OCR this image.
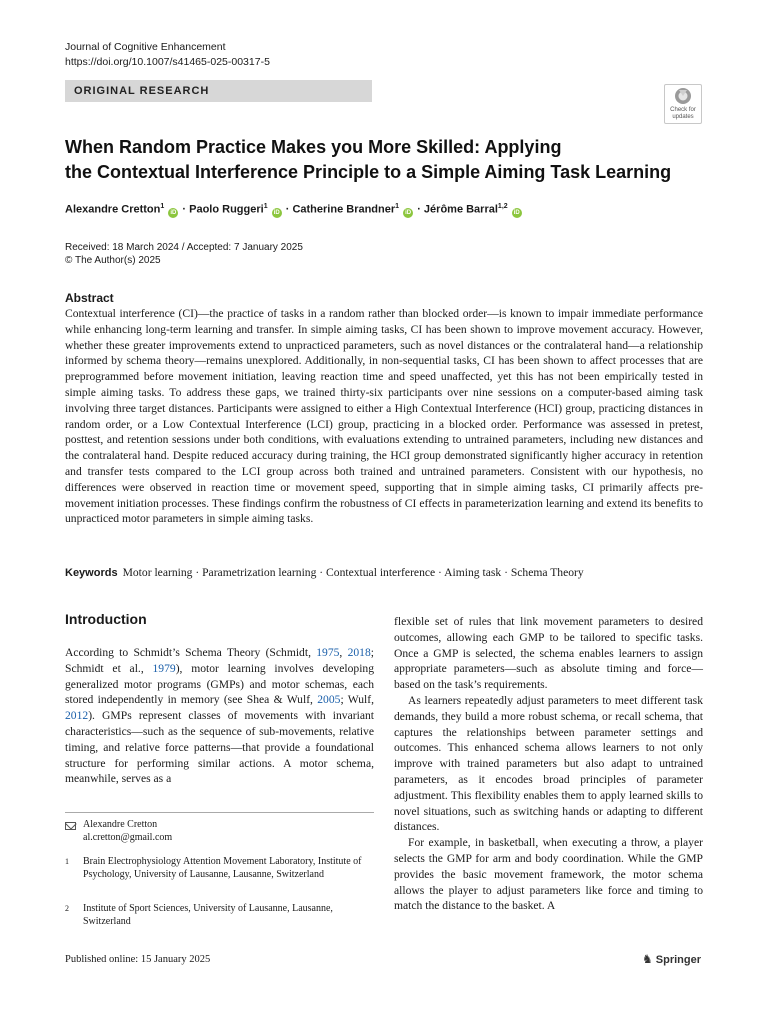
Journal of Cognitive Enhancement
https://doi.org/10.1007/s41465-025-00317-5
ORIGINAL RESEARCH
Check for updates
When Random Practice Makes you More Skilled: Applying
the Contextual Interference Principle to a Simple Aiming Task Learning
Alexandre Cretton$^1$ iD · Paolo Ruggeri$^1$ iD · Catherine Brandner$^1$ iD · Jérôme Barral$^{1,2}$ iD
Received: 18 March 2024 / Accepted: 7 January 2025
© The Author(s) 2025
Abstract
Contextual interference (CI)—the practice of tasks in a random rather than blocked order—is known to impair immediate performance while enhancing long-term learning and transfer. In simple aiming tasks, CI has been shown to improve movement accuracy. However, whether these greater improvements extend to unpracticed parameters, such as novel distances or the contralateral hand—a relationship informed by schema theory—remains unexplored. Additionally, in non-sequential tasks, CI has been shown to affect processes that are preprogrammed before movement initiation, leaving reaction time and speed unaffected, yet this has not been empirically tested in simple aiming tasks. To address these gaps, we trained thirty-six participants over nine sessions on a computer-based aiming task involving three target distances. Participants were assigned to either a High Contextual Interference (HCI) group, practicing distances in random order, or a Low Contextual Interference (LCI) group, practicing in a blocked order. Performance was assessed in pretest, posttest, and retention sessions under both conditions, with evaluations extending to untrained parameters, including new distances and the contralateral hand. Despite reduced accuracy during training, the HCI group demonstrated significantly higher accuracy in retention and transfer tests compared to the LCI group across both trained and untrained parameters. Consistent with our hypothesis, no differences were observed in reaction time or movement speed, supporting that in simple aiming tasks, CI primarily affects pre-movement initiation processes. These findings confirm the robustness of CI effects in parameterization learning and extend its benefits to unpracticed motor parameters in simple aiming tasks.
Keywords Motor learning · Parametrization learning · Contextual interference · Aiming task · Schema Theory
Introduction

According to Schmidt’s Schema Theory (Schmidt, 1975, 2018; Schmidt et al., 1979), motor learning involves developing generalized motor programs (GMPs) and motor schemas, each stored independently in memory (see Shea & Wulf, 2005; Wulf, 2012). GMPs represent classes of movements with invariant characteristics—such as the sequence of sub-movements, relative timing, and relative force patterns—that provide a foundational structure for performing similar actions. A motor schema, meanwhile, serves as a

flexible set of rules that link movement parameters to desired outcomes, allowing each GMP to be tailored to specific tasks. Once a GMP is selected, the schema enables learners to assign appropriate parameters—such as absolute timing and force—based on the task’s requirements.

As learners repeatedly adjust parameters to meet different task demands, they build a more robust schema, or recall schema, that captures the relationships between parameter settings and outcomes. This enhanced schema allows learners to not only improve with trained parameters but also adapt to untrained parameters, as it encodes broad principles of parameter adjustment. This flexibility enables them to apply learned skills to novel situations, such as switching hands or adapting to different distances.

For example, in basketball, when executing a throw, a player selects the GMP for arm and body coordination. While the GMP provides the basic movement framework, the motor schema allows the player to adjust parameters like force and timing to match the distance to the basket. A

Alexandre Cretton
al.cretton@gmail.com
1 Brain Electrophysiology Attention Movement Laboratory, Institute of Psychology, University of Lausanne, Lausanne, Switzerland
2 Institute of Sport Sciences, University of Lausanne, Lausanne, Switzerland
Published online: 15 January 2025	♞ Springer
